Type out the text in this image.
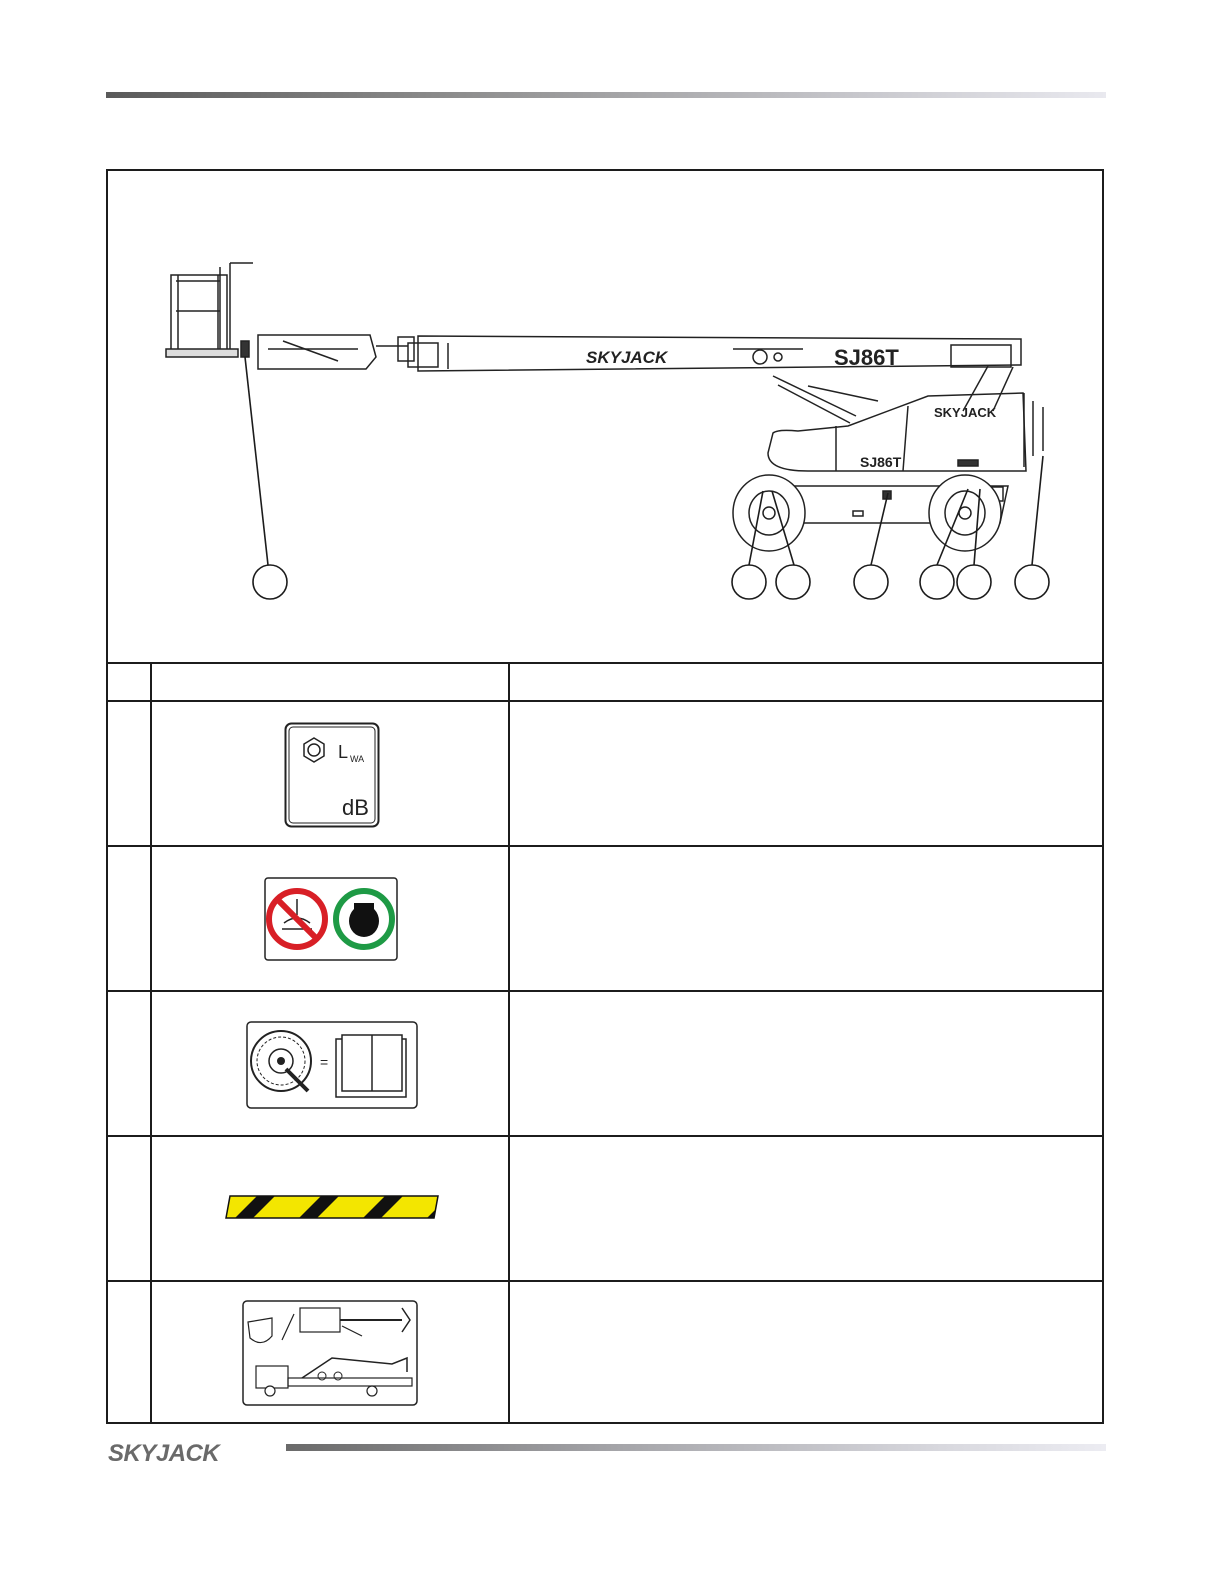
SKYJACK	SJ86T
SKYJACK
SJ86T
L WA
dB
=
SKYJACK
